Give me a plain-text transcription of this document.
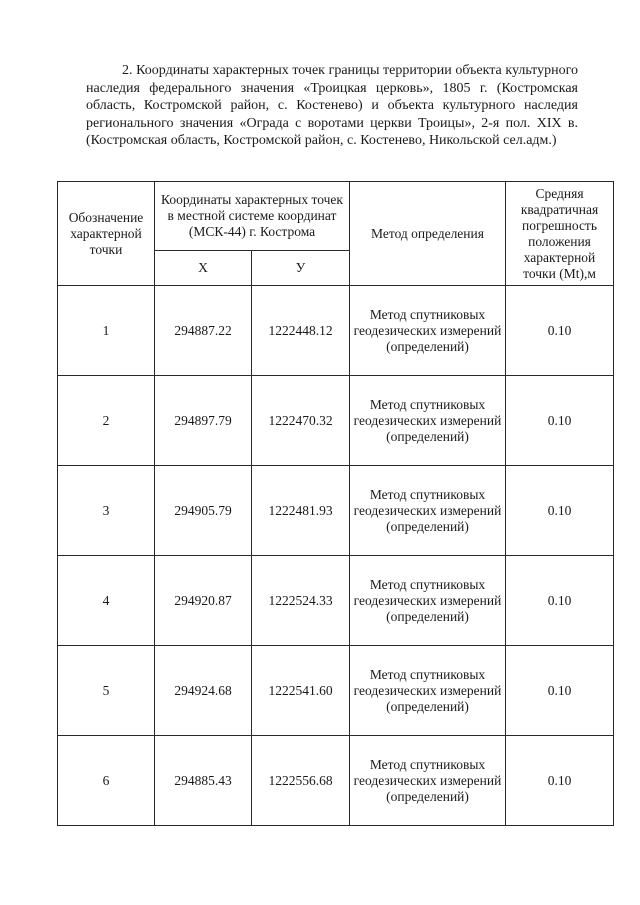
2. Координаты характерных точек границы территории объекта культурного наследия федерального значения «Троицкая церковь», 1805 г. (Костромская область, Костромской район, с. Костенево) и объекта культурного наследия регионального значения «Ограда с воротами церкви Троицы», 2-я пол. XIX в. (Костромская область, Костромской район, с. Костенево, Никольской сел.адм.)

Обозначение характерной точки	Координаты характерных точек в местной системе координат (МСК-44) г. Кострома		Метод определения	Средняя квадратичная погрешность положения характерной точки (Mt),м
	Х	У		
1	294887.22	1222448.12	Метод спутниковых геодезических измерений (определений)	0.10
2	294897.79	1222470.32	Метод спутниковых геодезических измерений (определений)	0.10
3	294905.79	1222481.93	Метод спутниковых геодезических измерений (определений)	0.10
4	294920.87	1222524.33	Метод спутниковых геодезических измерений (определений)	0.10
5	294924.68	1222541.60	Метод спутниковых геодезических измерений (определений)	0.10
6	294885.43	1222556.68	Метод спутниковых геодезических измерений (определений)	0.10
